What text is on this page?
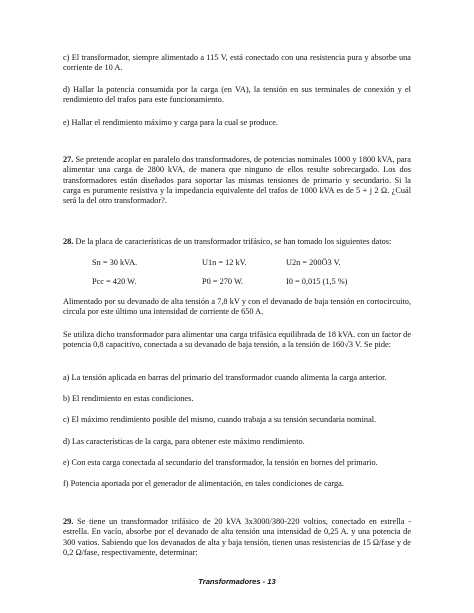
c) El transformador, siempre alimentado a 115 V, está conectado con una resistencia pura y absorbe una corriente de 10 A.

d) Hallar la potencia consumida por la carga (en VA), la tensión en sus terminales de conexión y el rendimiento del trafos para este funcionamiento.

e) Hallar el rendimiento máximo y carga para la cual se produce.

27. Se pretende acoplar en paralelo dos transformadores, de potencias nominales 1000 y 1800 kVA, para alimentar una carga de 2800 kVA, de manera que ninguno de ellos resulte sobrecargado. Los dos transformadores están diseñados para soportar las mismas tensiones de primario y secundario. Si la carga es puramente resistiva y la impedancia equivalente del trafos de 1000 kVA es de 5 + j 2 Ω. ¿Cuál será la del otro transformador?.

28. De la placa de características de un transformador trifásico, se han tomado los siguientes datos:

Sn = 30 kVA.	U1n = 12 kV.	U2n = 200Ö3 V.
Pcc = 420 W.	P0 = 270 W.	I0 = 0,015 (1,5 %)

Alimentado por su devanado de alta tensión a 7,8 kV y con el devanado de baja tensión en cortocircuito, circula por este último una intensidad de corriente de 650 A.

Se utiliza dicho transformador para alimentar una carga trifásica equilibrada de 18 kVA. con un factor de potencia 0,8 capacitivo, conectada a su devanado de baja tensión, a la tensión de 160√3 V. Se pide:

a) La tensión aplicada en barras del primario del transformador cuando alimenta la carga anterior.

b) El rendimiento en estas condiciones.

c) El máximo rendimiento posible del mismo, cuando trabaja a su tensión secundaria nominal.

d) Las características de la carga, para obtener este máximo rendimiento.

e) Con esta carga conectada al secundario del transformador, la tensión en bornes del primario.

f) Potencia aportada por el generador de alimentación, en tales condiciones de carga.

29. Se tiene un transformador trifásico de 20 kVA 3x3000/380-220 voltios, conectado en estrella - estrella. En vacío, absorbe por el devanado de alta tensión una intensidad de 0,25 A. y una potencia de 300 vatios. Sabiendo que los devanados de alta y baja tensión, tienen unas resistencias de 15 Ω/fase y de 0,2 Ω/fase, respectivamente, determinar:

Transformadores - 13
